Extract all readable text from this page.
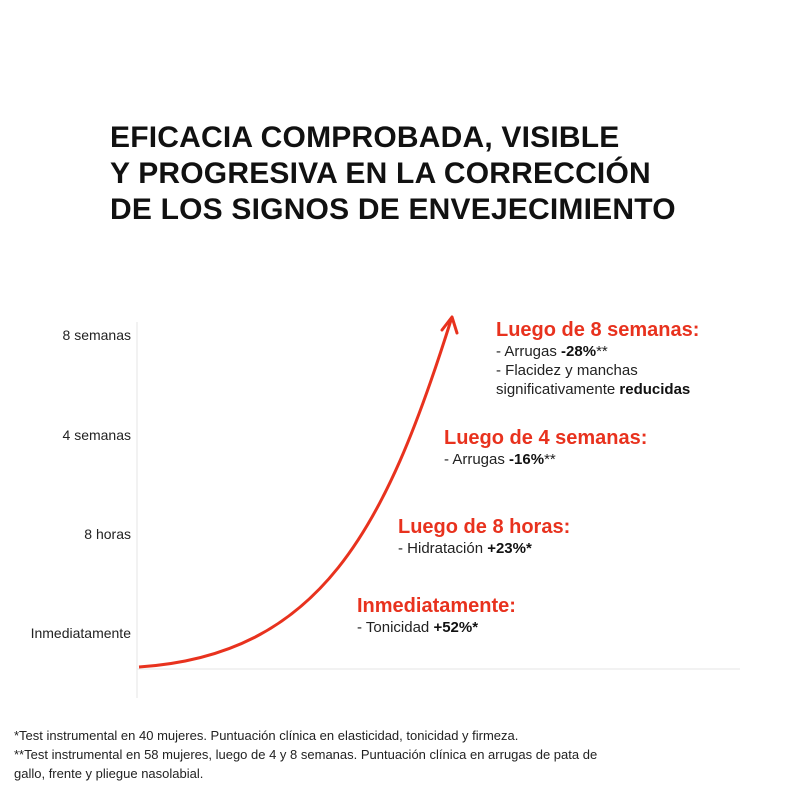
EFICACIA COMPROBADA, VISIBLE
Y PROGRESIVA EN LA CORRECCIÓN
DE LOS SIGNOS DE ENVEJECIMIENTO
8 semanas
4 semanas
8 horas
Inmediatamente
Luego de 8 semanas:
- Arrugas -28%**
- Flacidez y manchas
significativamente reducidas
Luego de 4 semanas:
- Arrugas -16%**
Luego de 8 horas:
- Hidratación +23%*
Inmediatamente:
- Tonicidad +52%*
*Test instrumental en 40 mujeres. Puntuación clínica en elasticidad, tonicidad y firmeza.
**Test instrumental en 58 mujeres, luego de 4 y 8 semanas. Puntuación clínica en arrugas de pata de
gallo, frente y pliegue nasolabial.
